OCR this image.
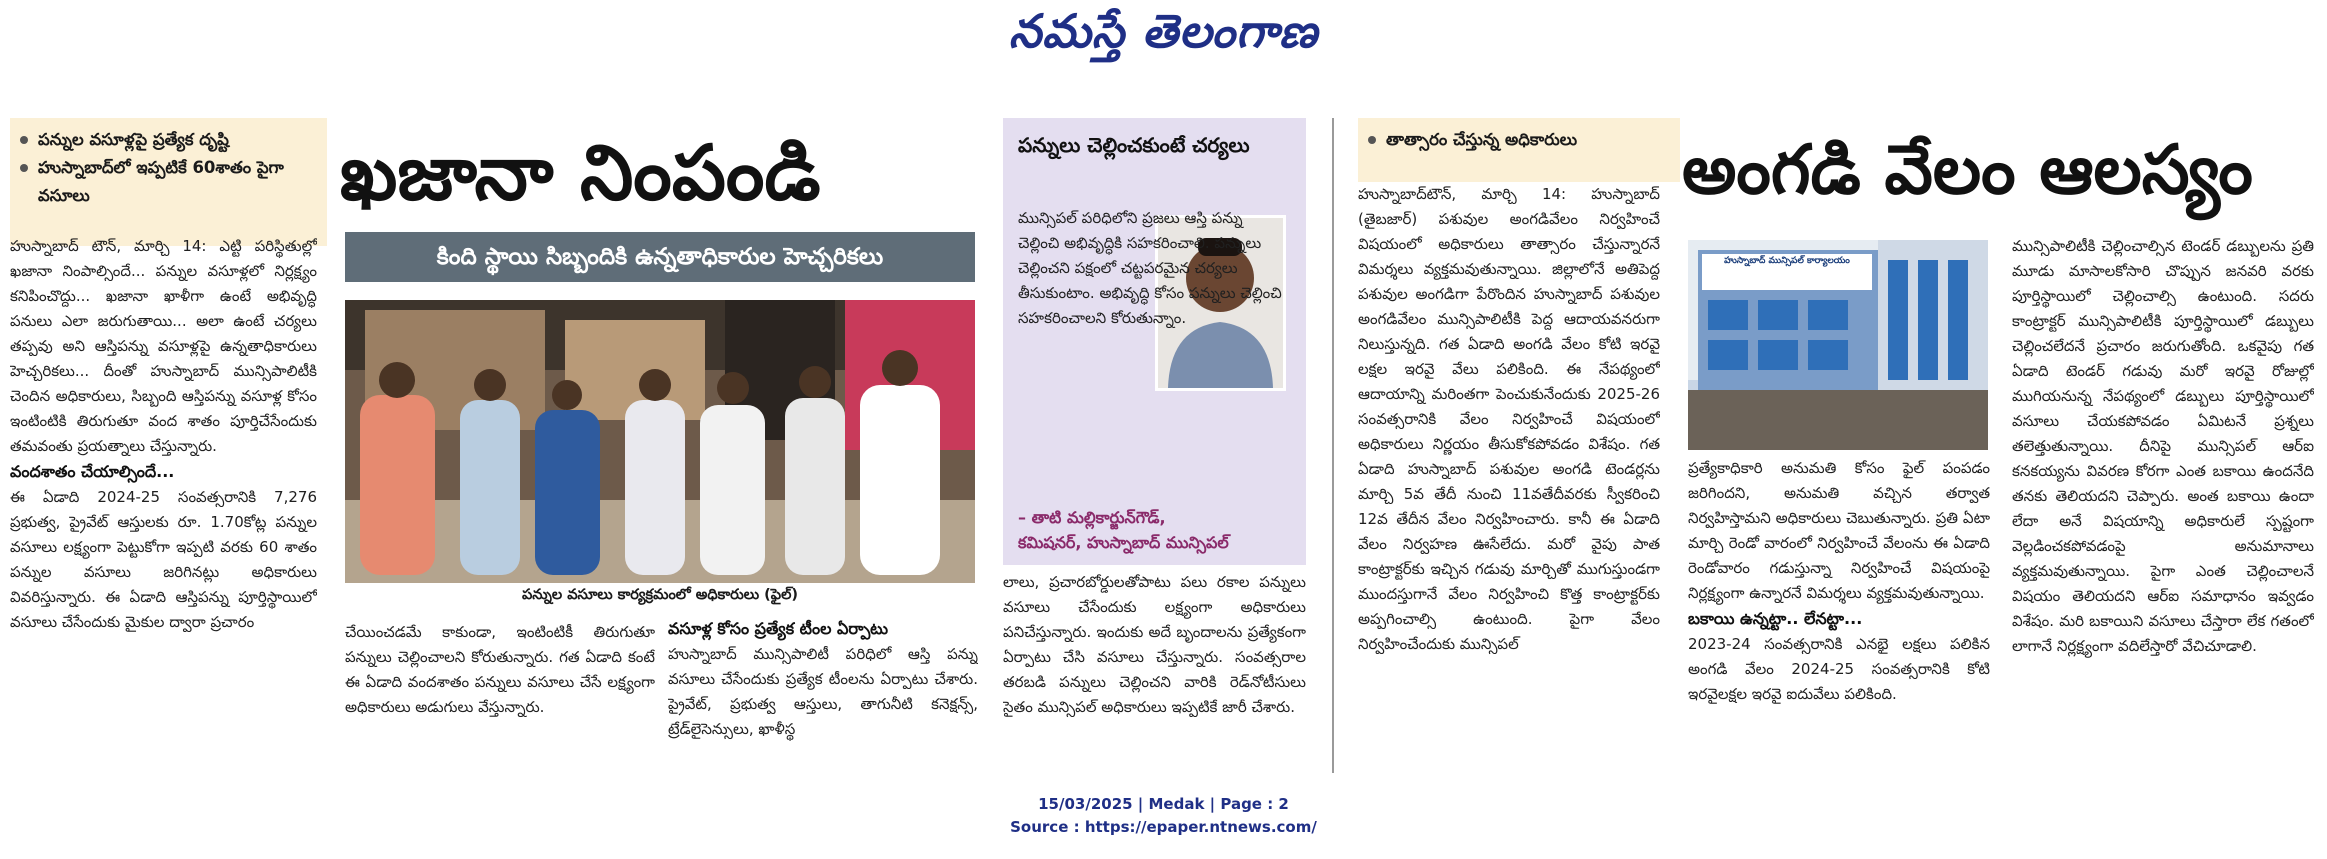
నమస్తే తెలంగాణ
పన్నుల వసూళ్లపై ప్రత్యేక దృష్టి
హుస్నాబాద్‌లో ఇప్పటికే 60శాతం పైగా వసూలు	ఖజానా నింపండి
కింది స్థాయి సిబ్బందికి ఉన్నతాధికారుల హెచ్చరికలు
పన్నుల వసూలు కార్యక్రమంలో అధికారులు (ఫైల్)

హుస్నాబాద్ టౌన్, మార్చి 14: ఎట్టి పరిస్థితుల్లో ఖజానా నింపాల్సిందే... పన్నుల వసూళ్లలో నిర్లక్ష్యం కనిపించొద్దు... ఖజానా ఖాళీగా ఉంటే అభివృద్ధి పనులు ఎలా జరుగుతాయి... అలా ఉంటే చర్యలు తప్పవు అని ఆస్తిపన్ను వసూళ్లపై ఉన్నతాధికారులు హెచ్చరికలు... దీంతో హుస్నాబాద్ మున్సిపాలిటీకి చెందిన అధికారులు, సిబ్బంది ఆస్తిపన్ను వసూళ్ల కోసం ఇంటింటికి తిరుగుతూ వంద శాతం పూర్తిచేసేందుకు తమవంతు ప్రయత్నాలు చేస్తున్నారు.

వందశాతం చేయాల్సిందే...

ఈ ఏడాది 2024-25 సంవత్సరానికి 7,276 ప్రభుత్వ, ప్రైవేట్ ఆస్తులకు రూ. 1.70కోట్ల పన్నుల వసూలు లక్ష్యంగా పెట్టుకోగా ఇప్పటి వరకు 60 శాతం పన్నుల వసూలు జరిగినట్లు అధికారులు వివరిస్తున్నారు. ఈ ఏడాది ఆస్తిపన్ను పూర్తిస్థాయిలో వసూలు చేసేందుకు మైకుల ద్వారా ప్రచారం

చేయించడమే కాకుండా, ఇంటింటికీ తిరుగుతూ పన్నులు చెల్లించాలని కోరుతున్నారు. గత ఏడాది కంటే ఈ ఏడాది వందశాతం పన్నులు వసూలు చేసే లక్ష్యంగా అధికారులు అడుగులు వేస్తున్నారు.

వసూళ్ల కోసం ప్రత్యేక టీంల ఏర్పాటు

హుస్నాబాద్ మున్సిపాలిటీ పరిధిలో ఆస్తి పన్ను వసూలు చేసేందుకు ప్రత్యేక టీంలను ఏర్పాటు చేశారు. ప్రైవేట్, ప్రభుత్వ ఆస్తులు, తాగునీటి కనెక్షన్స్, ట్రేడ్‌లైసెన్సులు, ఖాళీస్థ

పన్నులు చెల్లించకుంటే చర్యలు

మున్సిపల్ పరిధిలోని ప్రజలు ఆస్తి పన్ను చెల్లించి అభివృద్ధికి సహకరించాలి. పన్నులు చెల్లించని పక్షంలో చట్టపరమైన చర్యలు తీసుకుంటాం. అభివృద్ధి కోసం పన్నులు చెల్లించి సహకరించాలని కోరుతున్నాం.

– తాటి మల్లికార్జున్‌గౌడ్,
కమిషనర్, హుస్నాబాద్ మున్సిపల్

లాలు, ప్రచారబోర్డులతోపాటు పలు రకాల పన్నులు వసూలు చేసేందుకు లక్ష్యంగా అధికారులు పనిచేస్తున్నారు. ఇందుకు అదే బృందాలను ప్రత్యేకంగా ఏర్పాటు చేసి వసూలు చేస్తున్నారు. సంవత్సరాల తరబడి పన్నులు చెల్లించని వారికి రెడ్‌నోటీసులు సైతం మున్సిపల్ అధికారులు ఇప్పటికే జారీ చేశారు.

తాత్సారం చేస్తున్న అధికారులు	అంగడి వేలం ఆలస్యం

హుస్నాబాద్‌టౌన్, మార్చి 14: హుస్నాబాద్ (తైబజార్) పశువుల అంగడివేలం నిర్వహించే విషయంలో అధికారులు తాత్సారం చేస్తున్నారనే విమర్శలు వ్యక్తమవుతున్నాయి. జిల్లాలోనే అతిపెద్ద పశువుల అంగడిగా పేరొందిన హుస్నాబాద్ పశువుల అంగడివేలం మున్సిపాలిటీకి పెద్ద ఆదాయవనరుగా నిలుస్తున్నది. గత ఏడాది అంగడి వేలం కోటి ఇరవై లక్షల ఇరవై వేలు పలికింది. ఈ నేపథ్యంలో ఆదాయాన్ని మరింతగా పెంచుకునేందుకు 2025-26 సంవత్సరానికి వేలం నిర్వహించే విషయంలో అధికారులు నిర్ణయం తీసుకోకపోవడం విశేషం. గత ఏడాది హుస్నాబాద్ పశువుల అంగడి టెండర్లను మార్చి 5వ తేదీ నుంచి 11వతేదీవరకు స్వీకరించి 12వ తేదీన వేలం నిర్వహించారు. కానీ ఈ ఏడాది వేలం నిర్వహణ ఊసేలేదు. మరో వైపు పాత కాంట్రాక్టర్‌కు ఇచ్చిన గడువు మార్చితో ముగుస్తుండగా ముందస్తుగానే వేలం నిర్వహించి కొత్త కాంట్రాక్టర్‌కు అప్పగించాల్సి ఉంటుంది. పైగా వేలం నిర్వహించేందుకు మున్సిపల్

హుస్నాబాద్ మున్సిపల్ కార్యాలయం

ప్రత్యేకాధికారి అనుమతి కోసం ఫైల్ పంపడం జరిగిందని, అనుమతి వచ్చిన తర్వాత నిర్వహిస్తామని అధికారులు చెబుతున్నారు. ప్రతి ఏటా మార్చి రెండో వారంలో నిర్వహించే వేలంను ఈ ఏడాది రెండోవారం గడుస్తున్నా నిర్వహించే విషయంపై నిర్లక్ష్యంగా ఉన్నారనే విమర్శలు వ్యక్తమవుతున్నాయి.

బకాయి ఉన్నట్టా.. లేనట్టా...

2023-24 సంవత్సరానికి ఎనభై లక్షలు పలికిన అంగడి వేలం 2024-25 సంవత్సరానికి కోటి ఇరవైలక్షల ఇరవై ఐదువేలు పలికింది.

మున్సిపాలిటీకి చెల్లించాల్సిన టెండర్ డబ్బులను ప్రతి మూడు మాసాలకోసారి చొప్పున జనవరి వరకు పూర్తిస్థాయిలో చెల్లించాల్సి ఉంటుంది. సదరు కాంట్రాక్టర్ మున్సిపాలిటీకి పూర్తిస్థాయిలో డబ్బులు చెల్లించలేదనే ప్రచారం జరుగుతోంది. ఒకవైపు గత ఏడాది టెండర్ గడువు మరో ఇరవై రోజుల్లో ముగియనున్న నేపథ్యంలో డబ్బులు పూర్తిస్థాయిలో వసూలు చేయకపోవడం ఏమిటనే ప్రశ్నలు తలెత్తుతున్నాయి. దీనిపై మున్సిపల్ ఆర్‌ఐ కనకయ్యను వివరణ కోరగా ఎంత బకాయి ఉందనేది తనకు తెలియదని చెప్పారు. అంత బకాయి ఉందా లేదా అనే విషయాన్ని అధికారులే స్పష్టంగా వెల్లడించకపోవడంపై అనుమానాలు వ్యక్తమవుతున్నాయి. పైగా ఎంత చెల్లించాలనే విషయం తెలియదని ఆర్‌ఐ సమాధానం ఇవ్వడం విశేషం. మరి బకాయిని వసూలు చేస్తారా లేక గతంలో లాగానే నిర్లక్ష్యంగా వదిలేస్తారో వేచిచూడాలి.

15/03/2025 | Medak | Page : 2
Source : https://epaper.ntnews.com/
